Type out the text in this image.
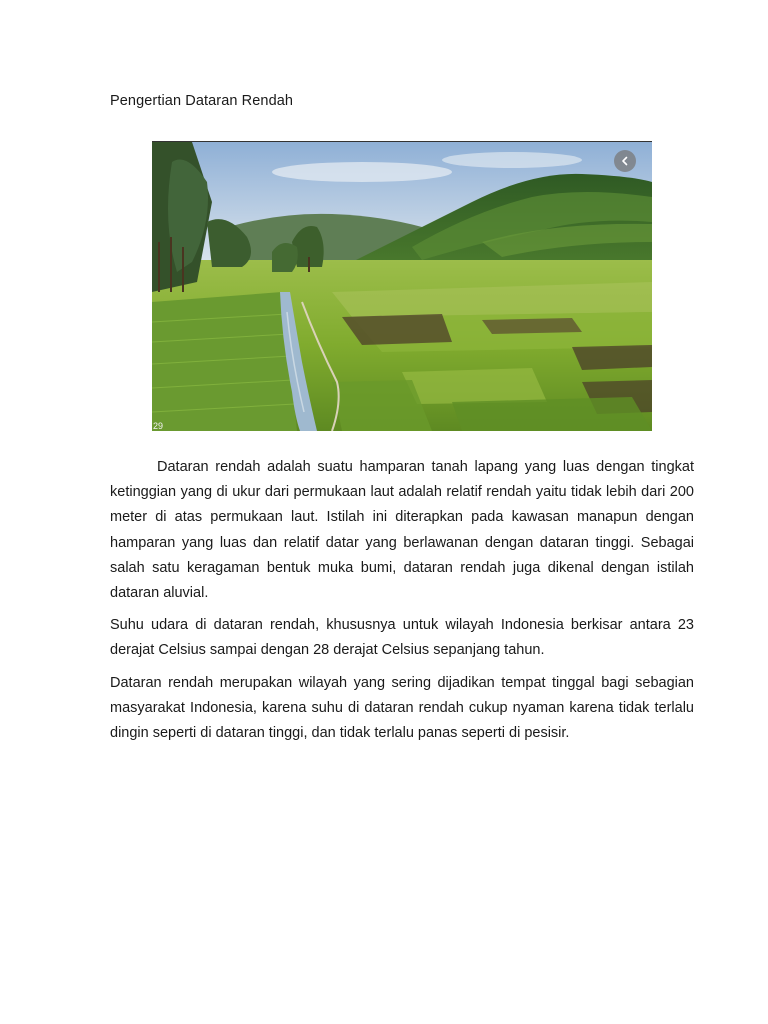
Pengertian Dataran Rendah
29

Dataran rendah adalah suatu hamparan tanah lapang yang luas dengan tingkat ketinggian yang di ukur dari permukaan laut adalah relatif rendah yaitu tidak lebih dari 200 meter di atas permukaan laut. Istilah ini diterapkan pada kawasan manapun dengan hamparan yang luas dan relatif datar yang berlawanan dengan dataran tinggi. Sebagai salah satu keragaman bentuk muka bumi, dataran rendah juga dikenal dengan istilah dataran aluvial.

Suhu udara di dataran rendah, khususnya untuk wilayah Indonesia berkisar antara 23 derajat Celsius sampai dengan 28 derajat Celsius sepanjang tahun.

Dataran rendah merupakan wilayah yang sering dijadikan tempat tinggal bagi sebagian masyarakat Indonesia, karena suhu di dataran rendah cukup nyaman karena tidak terlalu dingin seperti di dataran tinggi, dan tidak terlalu panas seperti di pesisir.
